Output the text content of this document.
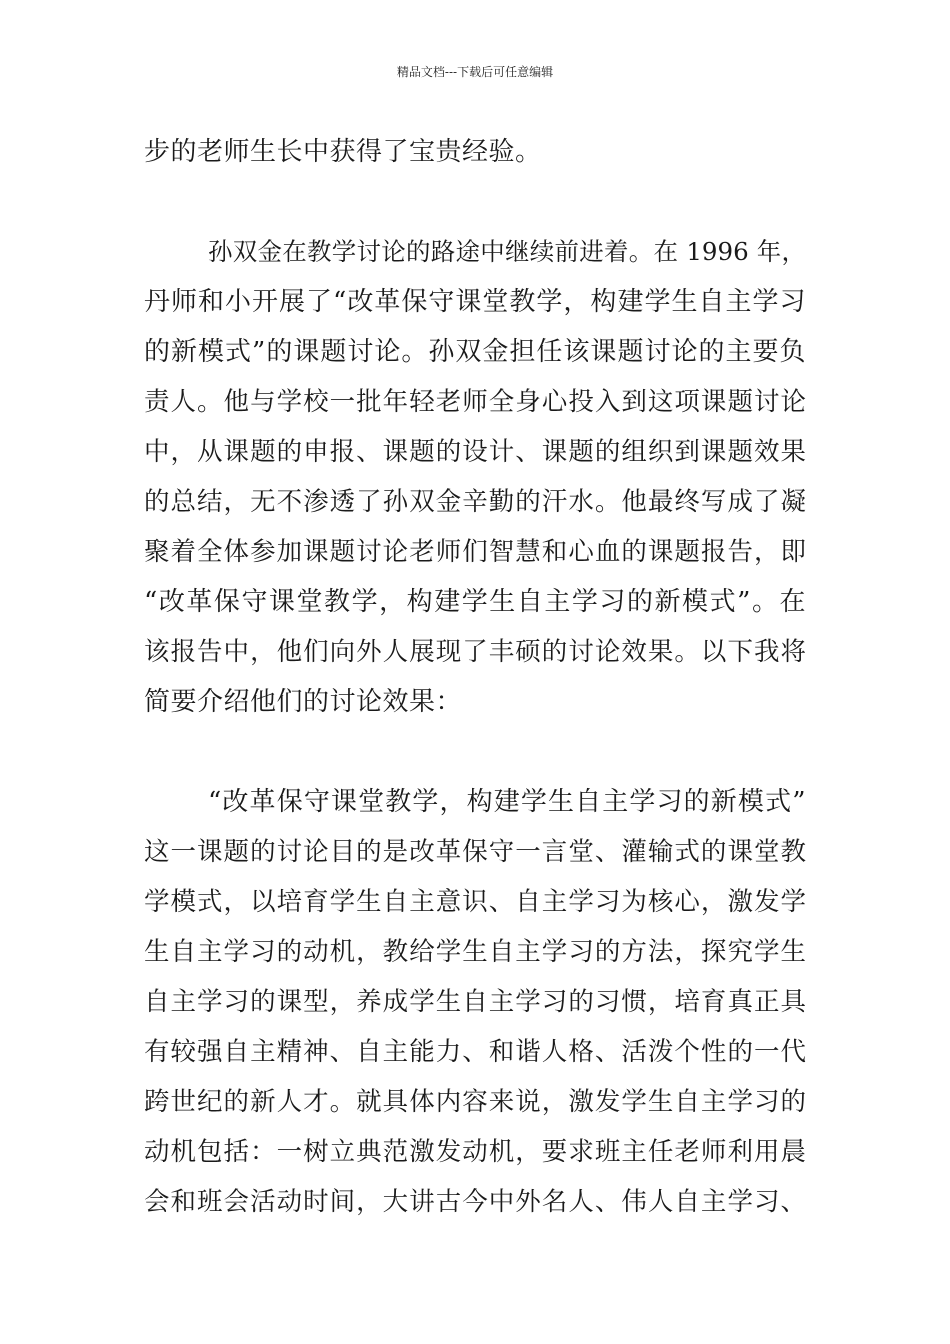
精品文档---下载后可任意编辑
步的老师生长中获得了宝贵经验。
孙双金在教学讨论的路途中继续前进着。在 1996 年，
丹师和小开展了“改革保守课堂教学，构建学生自主学习
的新模式”的课题讨论。孙双金担任该课题讨论的主要负
责人。他与学校一批年轻老师全身心投入到这项课题讨论
中，从课题的申报、课题的设计、课题的组织到课题效果
的总结，无不渗透了孙双金辛勤的汗水。他最终写成了凝
聚着全体参加课题讨论老师们智慧和心血的课题报告，即
“改革保守课堂教学，构建学生自主学习的新模式”。在
该报告中，他们向外人展现了丰硕的讨论效果。以下我将
简要介绍他们的讨论效果：
“改革保守课堂教学，构建学生自主学习的新模式”
这一课题的讨论目的是改革保守一言堂、灌输式的课堂教
学模式，以培育学生自主意识、自主学习为核心，激发学
生自主学习的动机，教给学生自主学习的方法，探究学生
自主学习的课型，养成学生自主学习的习惯，培育真正具
有较强自主精神、自主能力、和谐人格、活泼个性的一代
跨世纪的新人才。就具体内容来说，激发学生自主学习的
动机包括：一树立典范激发动机，要求班主任老师利用晨
会和班会活动时间，大讲古今中外名人、伟人自主学习、
